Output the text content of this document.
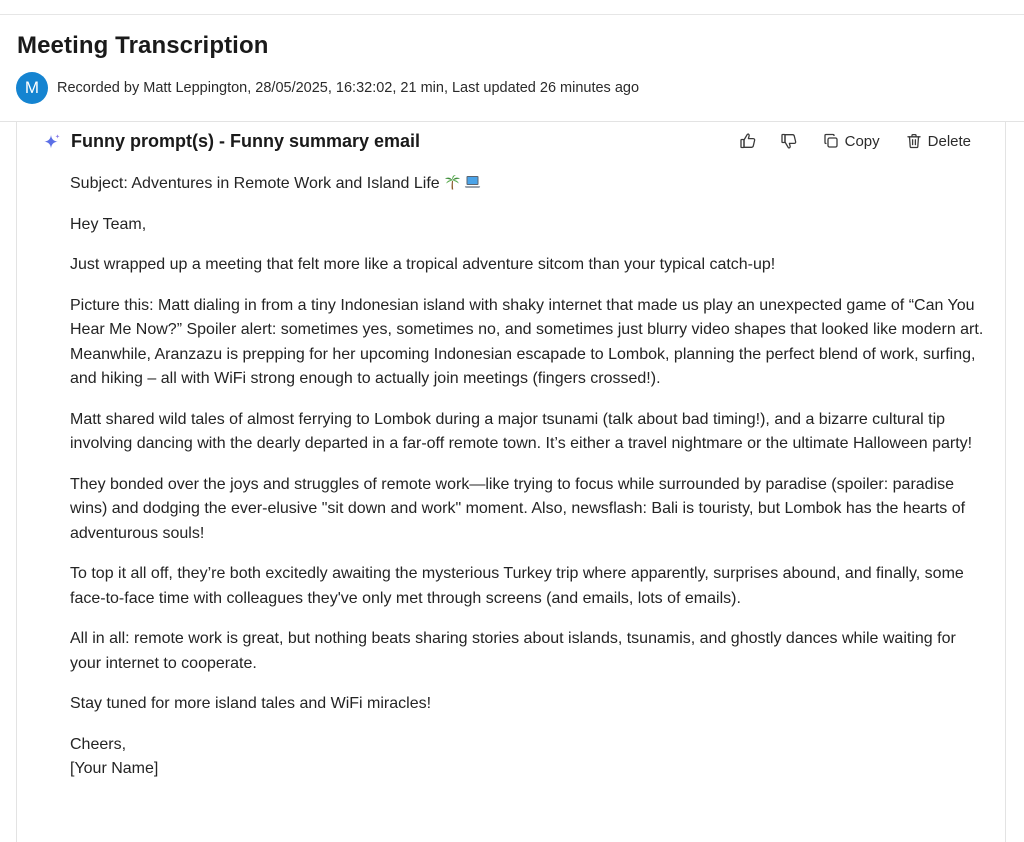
Meeting Transcription
M	Recorded by Matt Leppington, 28/05/2025, 16:32:02, 21 min, Last updated 26 minutes ago
Funny prompt(s) - Funny summary email	Copy	Delete

Subject: Adventures in Remote Work and Island Life

Hey Team,

Just wrapped up a meeting that felt more like a tropical adventure sitcom than your typical catch-up!

Picture this: Matt dialing in from a tiny Indonesian island with shaky internet that made us play an unexpected game of “Can You Hear Me Now?” Spoiler alert: sometimes yes, sometimes no, and sometimes just blurry video shapes that looked like modern art. Meanwhile, Aranzazu is prepping for her upcoming Indonesian escapade to Lombok, planning the perfect blend of work, surfing, and hiking – all with WiFi strong enough to actually join meetings (fingers crossed!).

Matt shared wild tales of almost ferrying to Lombok during a major tsunami (talk about bad timing!), and a bizarre cultural tip involving dancing with the dearly departed in a far-off remote town. It’s either a travel nightmare or the ultimate Halloween party!

They bonded over the joys and struggles of remote work—like trying to focus while surrounded by paradise (spoiler: paradise wins) and dodging the ever-elusive "sit down and work" moment. Also, newsflash: Bali is touristy, but Lombok has the hearts of adventurous souls!

To top it all off, they’re both excitedly awaiting the mysterious Turkey trip where apparently, surprises abound, and finally, some face-to-face time with colleagues they've only met through screens (and emails, lots of emails).

All in all: remote work is great, but nothing beats sharing stories about islands, tsunamis, and ghostly dances while waiting for your internet to cooperate.

Stay tuned for more island tales and WiFi miracles!

Cheers,

[Your Name]
